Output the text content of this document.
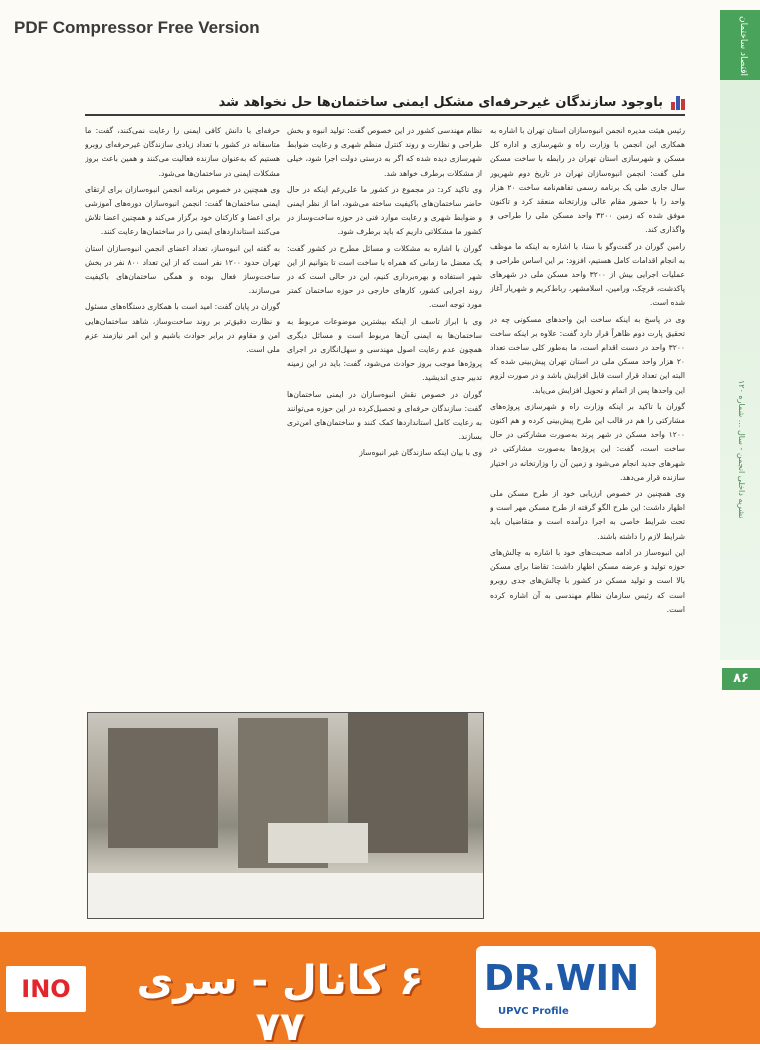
PDF Compressor Free Version	اقتصاد ساختمان
نشریه داخلی انجمن - سال ... شماره ۱۲۰
۸۶
باوجود سازندگان غیرحرفه‌ای مشکل ایمنی ساختمان‌ها حل نخواهد شد

رئیس هیئت مدیره انجمن انبوه‌سازان استان تهران با اشاره به همکاری این انجمن با وزارت راه و شهرسازی و اداره کل مسکن و شهرسازی استان تهران در رابطه با ساخت مسکن ملی گفت: انجمن انبوه‌سازان تهران در تاریخ دوم شهریور سال جاری طی یک برنامه رسمی تفاهم‌نامه ساخت ۲۰ هزار واحد را با حضور مقام عالی وزارتخانه منعقد کرد و تاکنون موفق شده که زمین ۳۲۰۰ واحد مسکن ملی را طراحی و واگذاری کند.

رامین گوران در گفت‌وگو با سنا، با اشاره به اینکه ما موظف به انجام اقدامات کامل هستیم، افزود: بر این اساس طراحی و عملیات اجرایی بیش از ۳۲۰۰ واحد مسکن ملی در شهرهای پاکدشت، قرچک، ورامین، اسلامشهر، رباط‌کریم و شهریار آغاز شده است.

وی در پاسخ به اینکه ساخت این واحدهای مسکونی چه در تحقیق پارت دوم ظاهراً قرار دارد گفت: علاوه بر اینکه ساخت ۳۲۰۰ واحد در دست اقدام است، ما به‌طور کلی ساخت تعداد ۲۰ هزار واحد مسکن ملی در استان تهران پیش‌بینی شده که البته این تعداد قرار است قابل افزایش باشد و در صورت لزوم این واحدها پس از اتمام و تحویل افزایش می‌یابد.

گوران با تاکید بر اینکه وزارت راه و شهرسازی پروژه‌های مشارکتی را هم در قالب این طرح پیش‌بینی کرده و هم اکنون ۱۲۰۰ واحد مسکن در شهر پرند به‌صورت مشارکتی در حال ساخت است، گفت: این پروژه‌ها به‌صورت مشارکتی در شهرهای جدید انجام می‌شود و زمین آن را وزارتخانه در اختیار سازنده قرار می‌دهد.

وی همچنین در خصوص ارزیابی خود از طرح مسکن ملی اظهار داشت: این طرح الگو گرفته از طرح مسکن مهر است و تحت شرایط خاصی به اجرا درآمده است و متقاضیان باید شرایط لازم را داشته باشند.

این انبوه‌ساز در ادامه صحبت‌های خود با اشاره به چالش‌های حوزه تولید و عرضه مسکن اظهار داشت: تقاضا برای مسکن بالا است و تولید مسکن در کشور با چالش‌های جدی روبرو است که رئیس سازمان نظام مهندسی به آن اشاره کرده است.

نظام مهندسی کشور در این خصوص گفت: تولید انبوه و بخش طراحی و نظارت و روند کنترل منظم شهری و رعایت ضوابط شهرسازی دیده شده که اگر به درستی دولت اجرا شود، خیلی از مشکلات برطرف خواهد شد.

وی تاکید کرد: در مجموع در کشور ما علی‌رغم اینکه در حال حاضر ساختمان‌های باکیفیت ساخته می‌شود، اما از نظر ایمنی و ضوابط شهری و رعایت موارد فنی در حوزه ساخت‌وساز در کشور ما مشکلاتی داریم که باید برطرف شود.

گوران با اشاره به مشکلات و مسائل مطرح در کشور گفت: یک معضل ما زمانی که همراه با ساخت است تا بتوانیم از این شهر استفاده و بهره‌برداری کنیم، این در حالی است که در روند اجرایی کشور، کارهای خارجی در حوزه ساختمان کمتر مورد توجه است.

وی با ابراز تاسف از اینکه بیشترین موضوعات مربوط به ساختمان‌ها به ایمنی آن‌ها مربوط است و مسائل دیگری همچون عدم رعایت اصول مهندسی و سهل‌انگاری در اجرای پروژه‌ها موجب بروز حوادث می‌شود، گفت: باید در این زمینه تدبیر جدی اندیشید.

گوران در خصوص نقش انبوه‌سازان در ایمنی ساختمان‌ها گفت: سازندگان حرفه‌ای و تحصیل‌کرده در این حوزه می‌توانند به رعایت کامل استانداردها کمک کنند و ساختمان‌های امن‌تری بسازند.

وی با بیان اینکه سازندگان غیر انبوه‌ساز

حرفه‌ای با دانش کافی ایمنی را رعایت نمی‌کنند، گفت: ما متاسفانه در کشور با تعداد زیادی سازندگان غیرحرفه‌ای روبرو هستیم که به‌عنوان سازنده فعالیت می‌کنند و همین باعث بروز مشکلات ایمنی در ساختمان‌ها می‌شود.

وی همچنین در خصوص برنامه انجمن انبوه‌سازان برای ارتقای ایمنی ساختمان‌ها گفت: انجمن انبوه‌سازان دوره‌های آموزشی برای اعضا و کارکنان خود برگزار می‌کند و همچنین اعضا تلاش می‌کنند استانداردهای ایمنی را در ساختمان‌ها رعایت کنند.

به گفته این انبوه‌ساز، تعداد اعضای انجمن انبوه‌سازان استان تهران حدود ۱۲۰۰ نفر است که از این تعداد ۸۰۰ نفر در بخش ساخت‌وساز فعال بوده و همگی ساختمان‌های باکیفیت می‌سازند.

گوران در پایان گفت: امید است با همکاری دستگاه‌های مسئول و نظارت دقیق‌تر بر روند ساخت‌وساز، شاهد ساختمان‌هایی امن و مقاوم در برابر حوادث باشیم و این امر نیازمند عزم ملی است.

INO	۶ کانال - سری ۷۷
DR.WIN
UPVC Profile
